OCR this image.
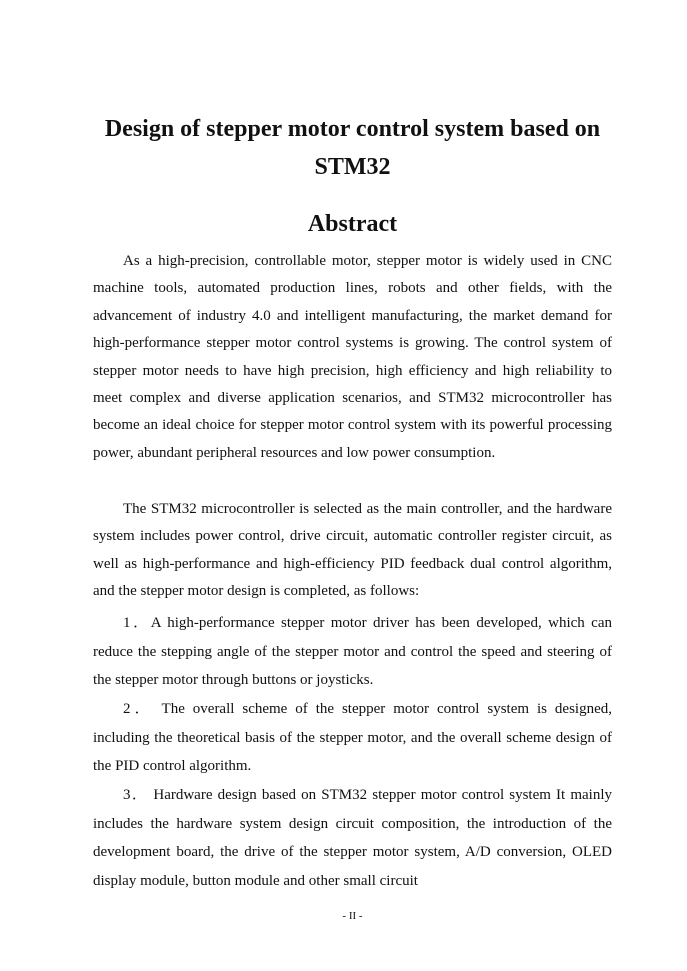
Design of stepper motor control system based on
STM32
Abstract
As a high-precision, controllable motor, stepper motor is widely used in CNC machine tools, automated production lines, robots and other fields, with the advancement of industry 4.0 and intelligent manufacturing, the market demand for high-performance stepper motor control systems is growing. The control system of stepper motor needs to have high precision, high efficiency and high reliability to meet complex and diverse application scenarios, and STM32 microcontroller has become an ideal choice for stepper motor control system with its powerful processing power, abundant peripheral resources and low power consumption.
The STM32 microcontroller is selected as the main controller, and the hardware system includes power control, drive circuit, automatic controller register circuit, as well as high-performance and high-efficiency PID feedback dual control algorithm, and the stepper motor design is completed, as follows:
1．A high-performance stepper motor driver has been developed, which can reduce the stepping angle of the stepper motor and control the speed and steering of the stepper motor through buttons or joysticks.
2． The overall scheme of the stepper motor control system is designed, including the theoretical basis of the stepper motor, and the overall scheme design of the PID control algorithm.
3． Hardware design based on STM32 stepper motor control system It mainly includes the hardware system design circuit composition, the introduction of the development board, the drive of the stepper motor system, A/D conversion, OLED display module, button module and other small circuit
- II -
